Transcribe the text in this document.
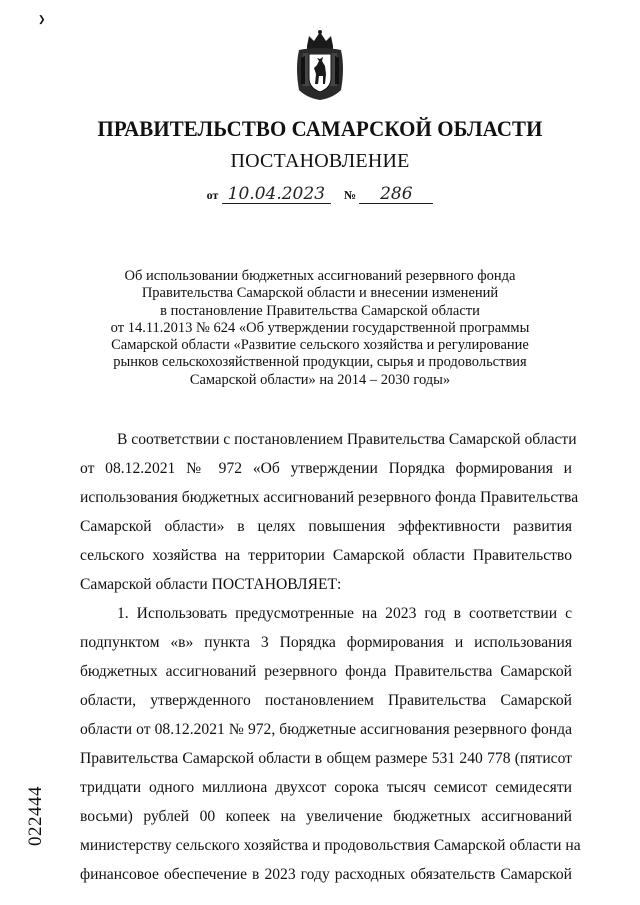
❯
ПРАВИТЕЛЬСТВО САМАРСКОЙ ОБЛАСТИ
ПОСТАНОВЛЕНИЕ
от 10.04.2023 № 286
Об использовании бюджетных ассигнований резервного фонда
Правительства Самарской области и внесении изменений
в постановление Правительства Самарской области
от 14.11.2013 № 624 «Об утверждении государственной программы
Самарской области «Развитие сельского хозяйства и регулирование
рынков сельскохозяйственной продукции, сырья и продовольствия
Самарской области» на 2014 – 2030 годы»
В соответствии с постановлением Правительства Самарской области
от 08.12.2021 № 972 «Об утверждении Порядка формирования и
использования бюджетных ассигнований резервного фонда Правительства
Самарской области» в целях повышения эффективности развития
сельского хозяйства на территории Самарской области Правительство
Самарской области ПОСТАНОВЛЯЕТ:
1. Использовать предусмотренные на 2023 год в соответствии с
подпунктом «в» пункта 3 Порядка формирования и использования
бюджетных ассигнований резервного фонда Правительства Самарской
области, утвержденного постановлением Правительства Самарской
области от 08.12.2021 № 972, бюджетные ассигнования резервного фонда
Правительства Самарской области в общем размере 531 240 778 (пятисот
тридцати одного миллиона двухсот сорока тысяч семисот семидесяти
восьми) рублей 00 копеек на увеличение бюджетных ассигнований
министерству сельского хозяйства и продовольствия Самарской области на
финансовое обеспечение в 2023 году расходных обязательств Самарской
022444
